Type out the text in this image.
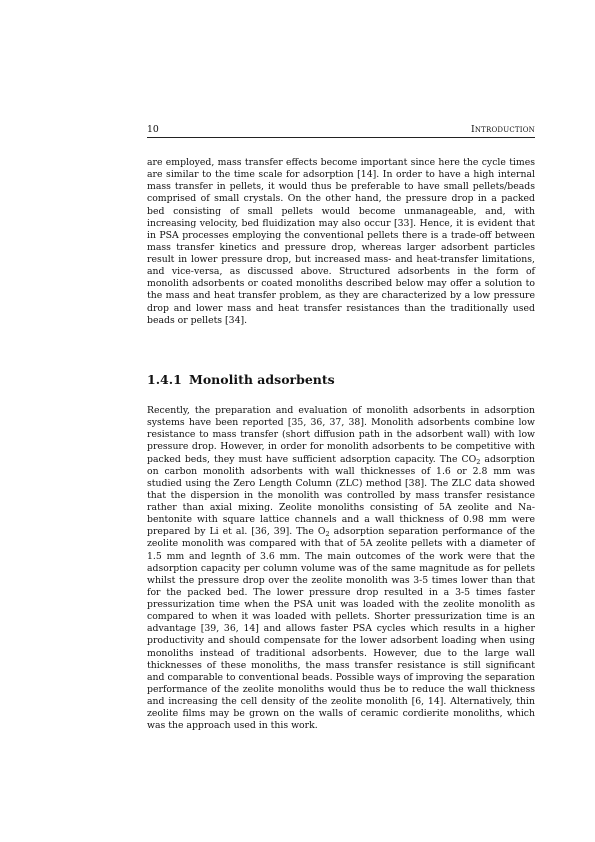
10	Introduction

are employed, mass transfer effects become important since here the cycle times are similar to the time scale for adsorption [14]. In order to have a high internal mass transfer in pellets, it would thus be preferable to have small pellets/beads comprised of small crystals. On the other hand, the pressure drop in a packed bed consisting of small pellets would become unmanageable, and, with increasing velocity, bed fluidization may also occur [33]. Hence, it is evident that in PSA processes employing the conventional pellets there is a trade-off between mass transfer kinetics and pressure drop, whereas larger adsorbent particles result in lower pressure drop, but increased mass- and heat-transfer limitations, and vice-versa, as discussed above. Structured adsorbents in the form of monolith adsorbents or coated monoliths described below may offer a solution to the mass and heat transfer problem, as they are characterized by a low pressure drop and lower mass and heat transfer resistances than the traditionally used beads or pellets [34].

1.4.1 Monolith adsorbents

Recently, the preparation and evaluation of monolith adsorbents in adsorption systems have been reported [35, 36, 37, 38]. Monolith adsorbents combine low resistance to mass transfer (short diffusion path in the adsorbent wall) with low pressure drop. However, in order for monolith adsorbents to be competitive with packed beds, they must have sufficient adsorption capacity. The $CO_2$ adsorption on carbon monolith adsorbents with wall thicknesses of 1.6 or 2.8 mm was studied using the Zero Length Column (ZLC) method [38]. The ZLC data showed that the dispersion in the monolith was controlled by mass transfer resistance rather than axial mixing. Zeolite monoliths consisting of 5A zeolite and Na-bentonite with square lattice channels and a wall thickness of 0.98 mm were prepared by Li et al. [36, 39]. The $O_2$ adsorption separation performance of the zeolite monolith was compared with that of 5A zeolite pellets with a diameter of 1.5 mm and legnth of 3.6 mm. The main outcomes of the work were that the adsorption capacity per column volume was of the same magnitude as for pellets whilst the pressure drop over the zeolite monolith was 3-5 times lower than that for the packed bed. The lower pressure drop resulted in a 3-5 times faster pressurization time when the PSA unit was loaded with the zeolite monolith as compared to when it was loaded with pellets. Shorter pressurization time is an advantage [39, 36, 14] and allows faster PSA cycles which results in a higher productivity and should compensate for the lower adsorbent loading when using monoliths instead of traditional adsorbents. However, due to the large wall thicknesses of these monoliths, the mass transfer resistance is still significant and comparable to conventional beads. Possible ways of improving the separation performance of the zeolite monoliths would thus be to reduce the wall thickness and increasing the cell density of the zeolite monolith [6, 14]. Alternatively, thin zeolite films may be grown on the walls of ceramic cordierite monoliths, which was the approach used in this work.
